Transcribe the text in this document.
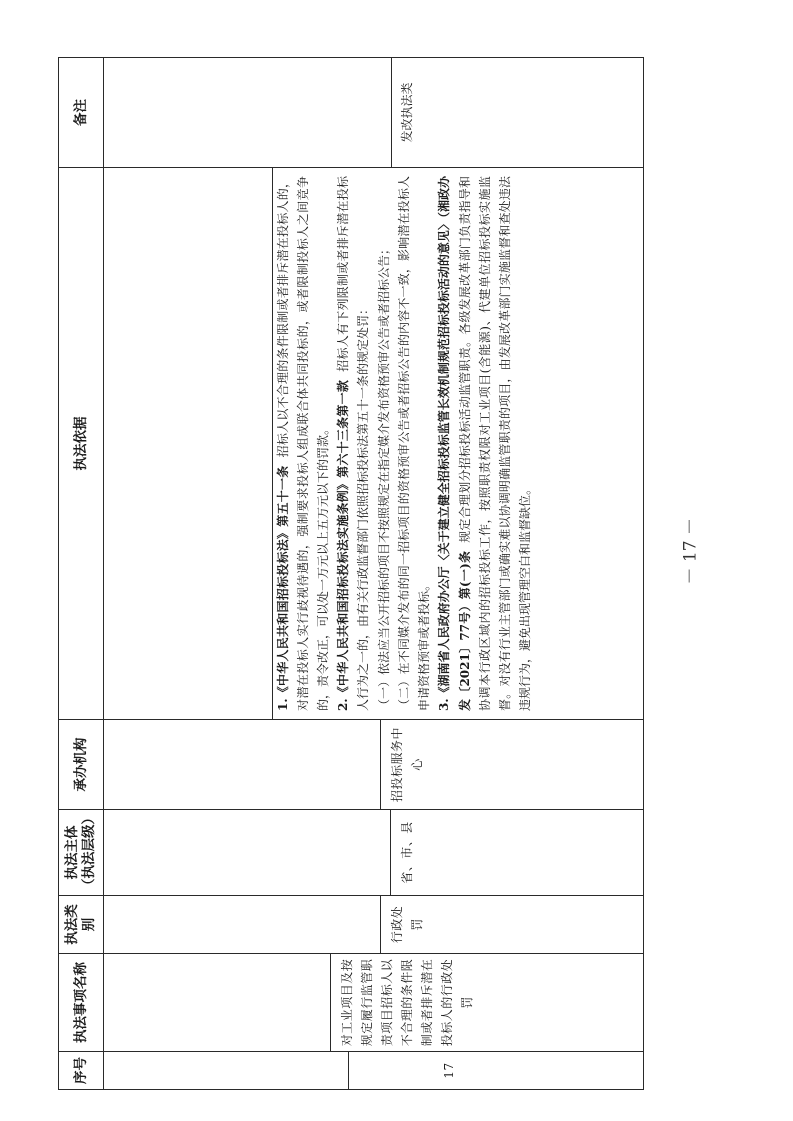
序号	执法事项名称	执法类别	执法主体（执法层级）	承办机构	执法依据	备注

17	对工业项目及按规定履行监管职责项目招标人以不合理的条件限制或者排斥潜在投标人的行政处罚	行政处罚	省、市、县	招投标服务中心	1.《中华人民共和国招标投标法》第五十一条  招标人以不合理的条件限制或者排斥潜在投标人的，对潜在投标人实行歧视待遇的，强制要求投标人组成联合体共同投标的，或者限制投标人之间竞争的，责令改正，可以处一万元以上五万元以下的罚款。 2.《中华人民共和国招标投标法实施条例》第六十三条第一款  招标人有下列限制或者排斥潜在投标人行为之一的，由有关行政监督部门依照招标投标法第五十一条的规定处罚： （一）依法应当公开招标的项目不按照规定在指定媒介发布资格预审公告或者招标公告； （二）在不同媒介发布的同一招标项目的资格预审公告或者招标公告的内容不一致，影响潜在投标人申请资格预审或者投标。 3.《湖南省人民政府办公厅〈关于建立健全招标投标监管长效机制规范招标投标活动的意见〉（湘政办发〔2021〕77号）第(一)条  规定合理划分招标投标活动监管职责。各级发展改革部门负责指导和协调本行政区域内的招标投标工作，按照职责权限对工业项目(含能源)、代建单位招标投标实施监督。对没有行业主管部门或确实难以协调明确监管职责的项目，由发展改革部门实施监督和查处违法违规行为，避免出现管理空白和监督缺位。	发改执法类
－ 17 －
